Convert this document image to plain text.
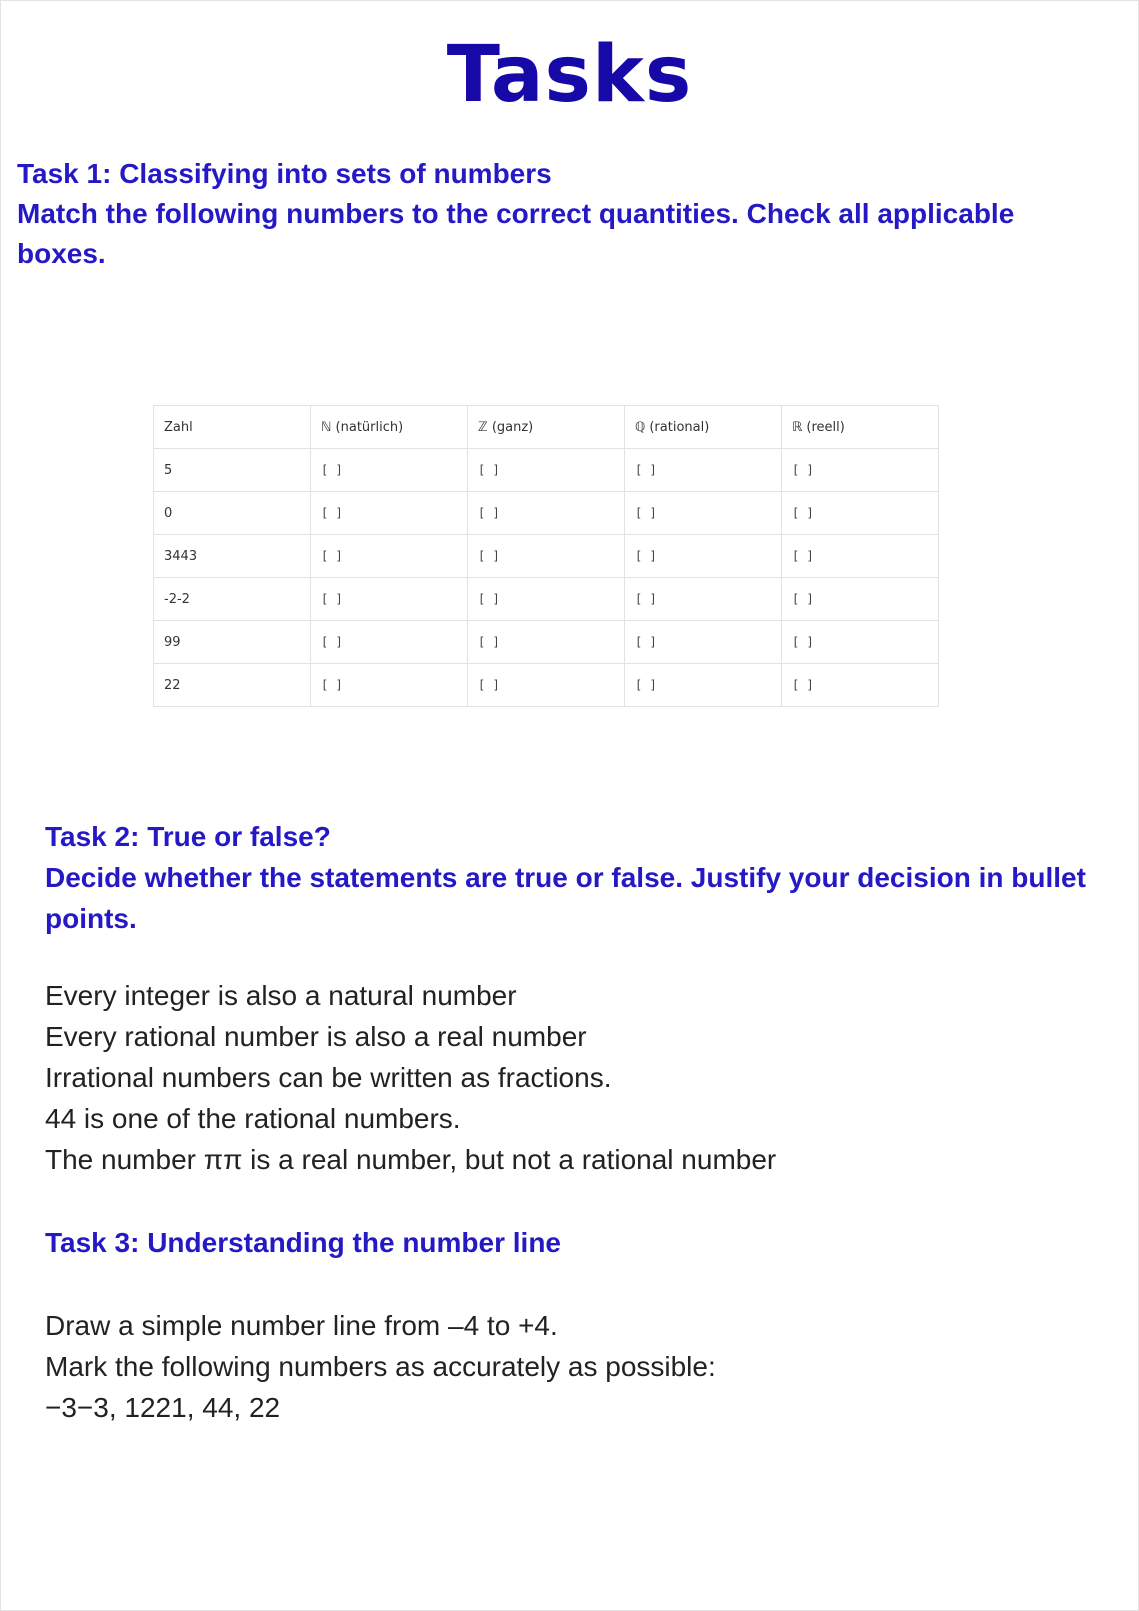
Tasks
Task 1: Classifying into sets of numbers
Match the following numbers to the correct quantities. Check all applicable
boxes.
Zahl	ℕ (natürlich)	ℤ (ganz)	ℚ (rational)	ℝ (reell)
5	[ ]	[ ]	[ ]	[ ]
0	[ ]	[ ]	[ ]	[ ]
3443	[ ]	[ ]	[ ]	[ ]
-2-2	[ ]	[ ]	[ ]	[ ]
99	[ ]	[ ]	[ ]	[ ]
22	[ ]	[ ]	[ ]	[ ]
Task 2: True or false?
Decide whether the statements are true or false. Justify your decision in bullet points.
Every integer is also a natural number
Every rational number is also a real number
Irrational numbers can be written as fractions.
44 is one of the rational numbers.
The number ππ is a real number, but not a rational number
Task 3: Understanding the number line
Draw a simple number line from –4 to +4.
Mark the following numbers as accurately as possible:
−3−3, 1221, 44, 22
